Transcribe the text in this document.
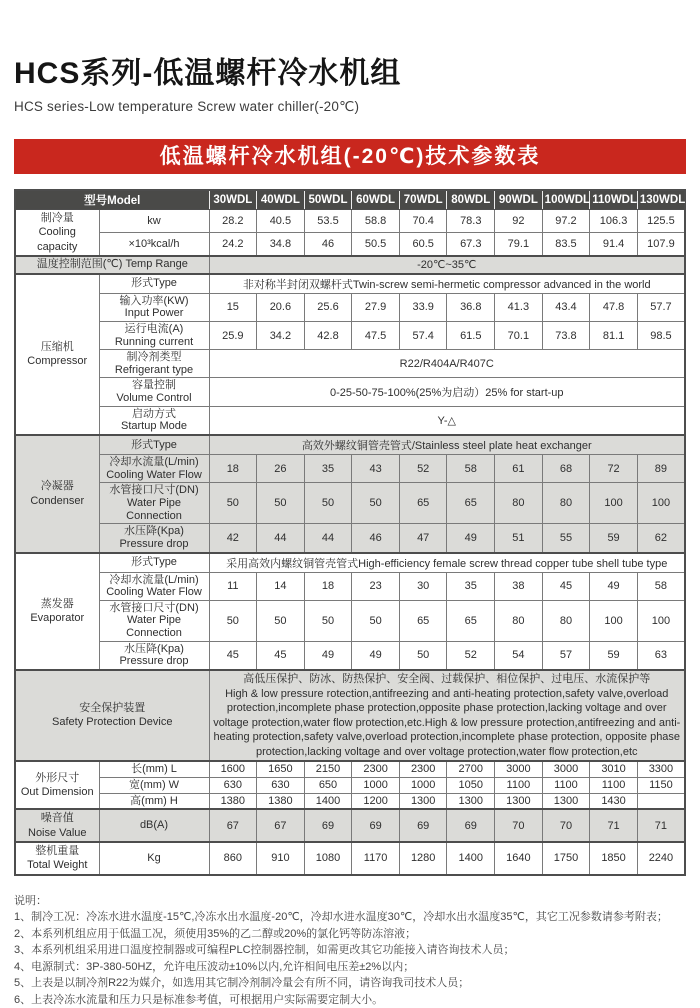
HCS系列-低温螺杆冷水机组
HCS series-Low temperature Screw water chiller(-20℃)
低温螺杆冷水机组(-20℃)技术参数表
型号Model		30WDL	40WDL	50WDL	60WDL	70WDL	80WDL	90WDL	100WDL	110WDL	130WDL
制冷量
Cooling capacity	kw	28.2	40.5	53.5	58.8	70.4	78.3	92	97.2	106.3	125.5
	×10³kcal/h	24.2	34.8	46	50.5	60.5	67.3	79.1	83.5	91.4	107.9
温度控制范围(℃) Temp Range		-20℃~35℃									
压缩机
Compressor	形式Type	非对称半封闭双螺杆式Twin-screw semi-hermetic compressor advanced in the world									
	输入功率(KW)
Input Power	15	20.6	25.6	27.9	33.9	36.8	41.3	43.4	47.8	57.7
	运行电流(A)
Running current	25.9	34.2	42.8	47.5	57.4	61.5	70.1	73.8	81.1	98.5
	制冷剂类型
Refrigerant type	R22/R404A/R407C									
	容量控制
Volume Control	0-25-50-75-100%(25%为启动）25% for start-up									
	启动方式
Startup Mode	Y-△									
冷凝器
Condenser	形式Type	高效外螺纹铜管壳管式/Stainless steel plate heat exchanger									
	冷却水流量(L/min)
Cooling Water Flow	18	26	35	43	52	58	61	68	72	89
	水管接口尺寸(DN)
Water Pipe Connection	50	50	50	50	65	65	80	80	100	100
	水压降(Kpa)
Pressure drop	42	44	44	46	47	49	51	55	59	62
蒸发器
Evaporator	形式Type	采用高效内螺纹铜管壳管式High-efficiency female screw thread copper tube shell tube type									
	冷却水流量(L/min)
Cooling Water Flow	11	14	18	23	30	35	38	45	49	58
	水管接口尺寸(DN)
Water Pipe Connection	50	50	50	50	65	65	80	80	100	100
	水压降(Kpa)
Pressure drop	45	45	49	49	50	52	54	57	59	63
安全保护装置
Safety Protection Device		高低压保护、防冰、防热保护、安全阀、过载保护、相位保护、过电压、水流保护等
High & low pressure rotection,antifreezing and anti-heating protection,safety valve,overload protection,incomplete phase protection,opposite phase protection,lacking voltage and over voltage protection,water flow protection,etc.High & low pressure protection,antifreezing and anti-heating protection,safety valve,overload protection,incomplete phase protection, opposite phase protection,lacking voltage and over voltage protection,water flow protection,etc									
外形尺寸
Out Dimension	长(mm) L	1600	1650	2150	2300	2300	2700	3000	3000	3010	3300
	宽(mm) W	630	630	650	1000	1000	1050	1100	1100	1100	1150
	高(mm) H	1380	1380	1400	1200	1300	1300	1300	1300	1430	
噪音值
Noise Value	dB(A)	67	67	69	69	69	69	70	70	71	71
整机重量
Total Weight	Kg	860	910	1080	1170	1280	1400	1640	1750	1850	2240
说明：
1、制冷工况：冷冻水进水温度-15℃,冷冻水出水温度-20℃，冷却水进水温度30℃，冷却水出水温度35℃，其它工况参数请参考附表；
2、本系列机组应用于低温工况，须使用35%的乙二醇或20%的氯化钙等防冻溶液；
3、本系列机组采用进口温度控制器或可编程PLC控制器控制，如需更改其它功能接入请咨询技术人员；
4、电源制式：3P-380-50HZ，允许电压波动±10%以内,允许相间电压差±2%以内；
5、上表是以制冷剂R22为媒介，如选用其它制冷剂制冷量会有所不同，请咨询我司技术人员；
6、上表冷冻水流量和压力只是标准参考值，可根据用户实际需要定制大小。
